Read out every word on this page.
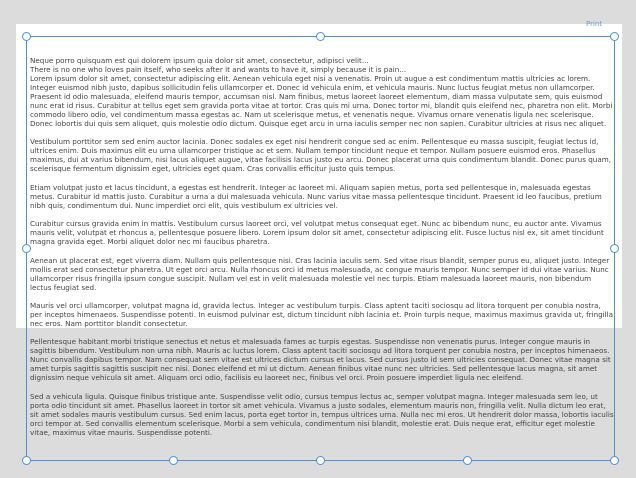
Print

Neque porro quisquam est qui dolorem ipsum quia dolor sit amet, consectetur, adipisci velit...

There is no one who loves pain itself, who seeks after it and wants to have it, simply because it is pain...

Lorem ipsum dolor sit amet, consectetur adipiscing elit. Aenean vehicula eget nisi a venenatis. Proin ut augue a est condimentum mattis ultricies ac lorem. Integer euismod nibh justo, dapibus sollicitudin felis ullamcorper et. Donec id vehicula enim, et vehicula mauris. Nunc luctus feugiat metus non ullamcorper. Praesent id odio malesuada, eleifend mauris tempor, accumsan nisl. Nam finibus, metus laoreet laoreet elementum, diam massa vulputate sem, quis euismod nunc erat id risus. Curabitur at tellus eget sem gravida porta vitae at tortor. Cras quis mi urna. Donec tortor mi, blandit quis eleifend nec, pharetra non elit. Morbi commodo libero odio, vel condimentum massa egestas ac. Nam ut scelerisque metus, et venenatis neque. Vivamus ornare venenatis ligula nec scelerisque. Donec lobortis dui quis sem aliquet, quis molestie odio dictum. Quisque eget arcu in urna iaculis semper nec non sapien. Curabitur ultricies at risus nec aliquet.

Vestibulum porttitor sem sed enim auctor lacinia. Donec sodales ex eget nisi hendrerit congue sed ac enim. Pellentesque eu massa suscipit, feugiat lectus id, ultrices enim. Duis maximus elit eu urna ullamcorper tristique ac et sem. Nullam tempor tincidunt neque et tempor. Nullam posuere euismod eros. Phasellus maximus, dui at varius bibendum, nisi lacus aliquet augue, vitae facilisis lacus justo eu arcu. Donec placerat urna quis condimentum blandit. Donec purus quam, scelerisque fermentum dignissim eget, ultricies eget quam. Cras convallis efficitur justo quis tempus.

Etiam volutpat justo et lacus tincidunt, a egestas est hendrerit. Integer ac laoreet mi. Aliquam sapien metus, porta sed pellentesque in, malesuada egestas metus. Curabitur id mattis justo. Curabitur a urna a dui malesuada vehicula. Nunc varius vitae massa pellentesque tincidunt. Praesent id leo faucibus, pretium nibh quis, condimentum dui. Nunc imperdiet orci elit, quis vestibulum ex ultricies vel.

Curabitur cursus gravida enim in mattis. Vestibulum cursus laoreet orci, vel volutpat metus consequat eget. Nunc ac bibendum nunc, eu auctor ante. Vivamus mauris velit, volutpat et rhoncus a, pellentesque posuere libero. Lorem ipsum dolor sit amet, consectetur adipiscing elit. Fusce luctus nisl ex, sit amet tincidunt magna gravida eget. Morbi aliquet dolor nec mi faucibus pharetra.

Aenean ut placerat est, eget viverra diam. Nullam quis pellentesque nisi. Cras lacinia iaculis sem. Sed vitae risus blandit, semper purus eu, aliquet justo. Integer mollis erat sed consectetur pharetra. Ut eget orci arcu. Nulla rhoncus orci id metus malesuada, ac congue mauris tempor. Nunc semper id dui vitae varius. Nunc ullamcorper risus fringilla ipsum congue suscipit. Nullam vel est in velit malesuada molestie vel nec turpis. Etiam malesuada laoreet mauris, non bibendum lectus feugiat sed.

Mauris vel orci ullamcorper, volutpat magna id, gravida lectus. Integer ac vestibulum turpis. Class aptent taciti sociosqu ad litora torquent per conubia nostra, per inceptos himenaeos. Suspendisse potenti. In euismod pulvinar est, dictum tincidunt nibh lacinia et. Proin turpis neque, maximus maximus gravida ut, fringilla nec eros. Nam porttitor blandit consectetur.

Pellentesque habitant morbi tristique senectus et netus et malesuada fames ac turpis egestas. Suspendisse non venenatis purus. Integer congue mauris in sagittis bibendum. Vestibulum non urna nibh. Mauris ac luctus lorem. Class aptent taciti sociosqu ad litora torquent per conubia nostra, per inceptos himenaeos. Nunc convallis dapibus tempor. Nam consequat sem vitae est ultrices dictum cursus et lacus. Sed cursus justo id sem ultricies consequat. Donec vitae magna sit amet turpis sagittis sagittis suscipit nec nisi. Donec eleifend et mi ut dictum. Aenean finibus vitae nunc nec ultricies. Sed pellentesque lacus magna, sit amet dignissim neque vehicula sit amet. Aliquam orci odio, facilisis eu laoreet nec, finibus vel orci. Proin posuere imperdiet ligula nec eleifend.

Sed a vehicula ligula. Quisque finibus tristique ante. Suspendisse velit odio, cursus tempus lectus ac, semper volutpat magna. Integer malesuada sem leo, ut porta odio tincidunt sit amet. Phasellus laoreet in tortor sit amet vehicula. Vivamus a justo sodales, elementum mauris non, fringilla velit. Nulla dictum leo erat, sit amet sodales mauris vestibulum cursus. Sed enim lacus, porta eget tortor in, tempus ultrices urna. Nulla nec mi eros. Ut hendrerit dolor massa, lobortis iaculis orci tempor at. Sed convallis elementum scelerisque. Morbi a sem vehicula, condimentum nisi blandit, molestie erat. Duis neque erat, efficitur eget molestie vitae, maximus vitae mauris. Suspendisse potenti.
